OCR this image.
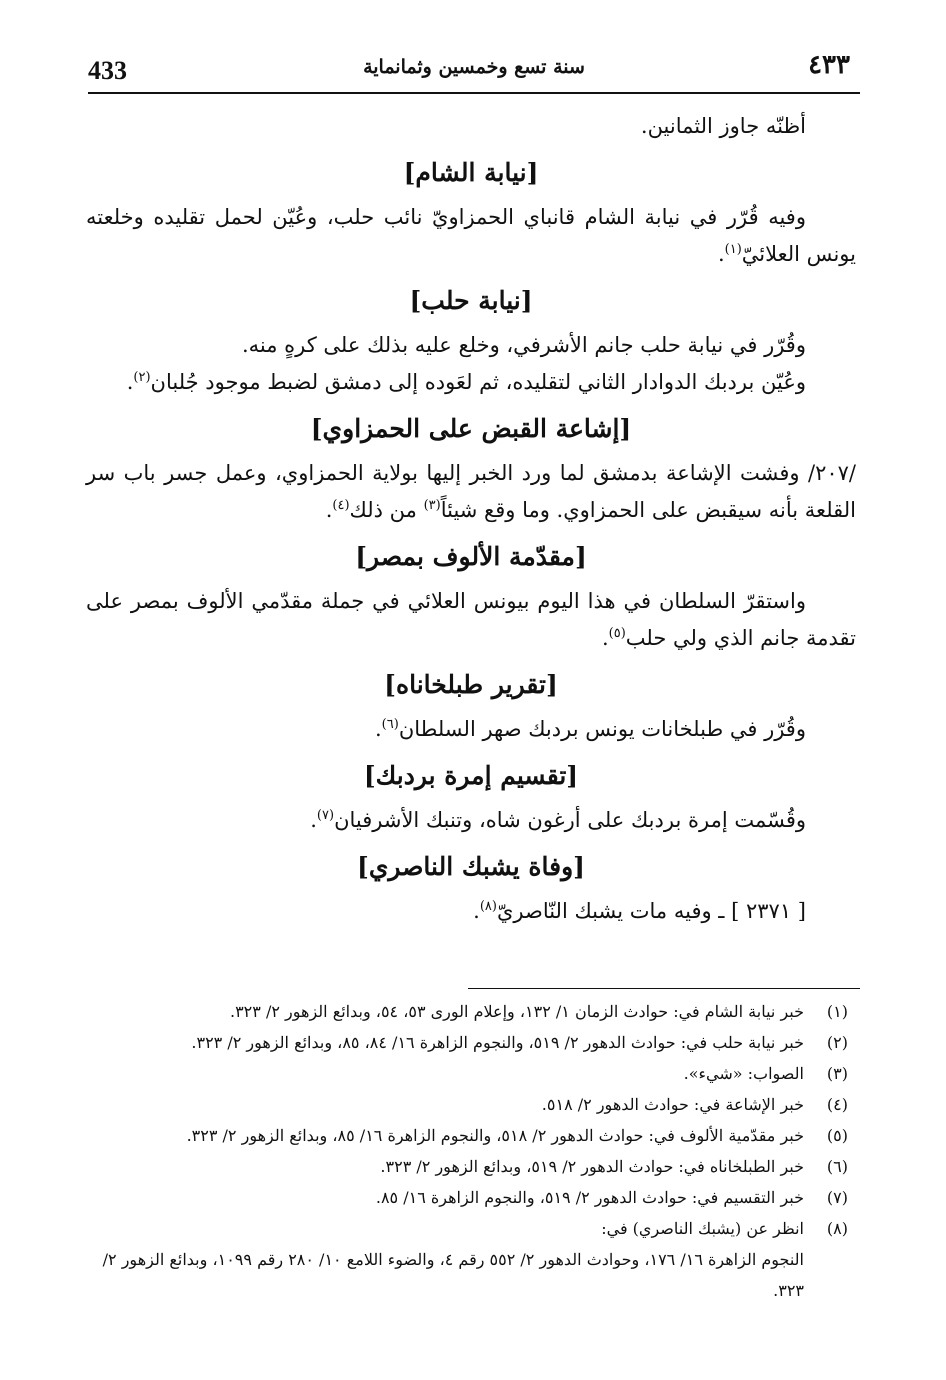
433	سنة تسع وخمسين وثمانماية	٤٣٣

أظنّه جاوز الثمانين.

[نيابة الشام]

وفيه قُرّر في نيابة الشام قانباي الحمزاويّ نائب حلب، وعُيّن لحمل تقليده وخلعته يونس العلائيّ$^{(١)}$.

[نيابة حلب]

وقُرّر في نيابة حلب جانم الأشرفي، وخلع عليه بذلك على كرهٍ منه.

وعُيّن بردبك الدوادار الثاني لتقليده، ثم لعَوده إلى دمشق لضبط موجود جُلبان$^{(٢)}$.

[إشاعة القبض على الحمزاوي]

/٢٠٧/ وفشت الإشاعة بدمشق لما ورد الخبر إليها بولاية الحمزاوي، وعمل جسر باب سر القلعة بأنه سيقبض على الحمزاوي. وما وقع شيئاً$^{(٣)}$ من ذلك$^{(٤)}$.

[مقدّمة الألوف بمصر]

واستقرّ السلطان في هذا اليوم بيونس العلائي في جملة مقدّمي الألوف بمصر على تقدمة جانم الذي ولي حلب$^{(٥)}$.

[تقرير طبلخاناه]

وقُرّر في طبلخانات يونس بردبك صهر السلطان$^{(٦)}$.

[تقسيم إمرة بردبك]

وقُسّمت إمرة بردبك على أرغون شاه، وتنبك الأشرفيان$^{(٧)}$.

[وفاة يشبك الناصري]

[ ٢٣٧١ ] ـ وفيه مات يشبك النّاصريّ$^{(٨)}$.

(١)خبر نيابة الشام في: حوادث الزمان ١/ ١٣٢، وإعلام الورى ٥٣، ٥٤، وبدائع الزهور ٢/ ٣٢٣.

(٢)خبر نيابة حلب في: حوادث الدهور ٢/ ٥١٩، والنجوم الزاهرة ١٦/ ٨٤، ٨٥، وبدائع الزهور ٢/ ٣٢٣.

(٣)الصواب: «شيء».

(٤)خبر الإشاعة في: حوادث الدهور ٢/ ٥١٨.

(٥)خبر مقدّمية الألوف في: حوادث الدهور ٢/ ٥١٨، والنجوم الزاهرة ١٦/ ٨٥، وبدائع الزهور ٢/ ٣٢٣.

(٦)خبر الطبلخاناه في: حوادث الدهور ٢/ ٥١٩، وبدائع الزهور ٢/ ٣٢٣.

(٧)خبر التقسيم في: حوادث الدهور ٢/ ٥١٩، والنجوم الزاهرة ١٦/ ٨٥.

(٨)انظر عن (يشبك الناصري) في:

النجوم الزاهرة ١٦/ ١٧٦، وحوادث الدهور ٢/ ٥٥٢ رقم ٤، والضوء اللامع ١٠/ ٢٨٠ رقم ١٠٩٩، وبدائع الزهور ٢/ ٣٢٣.
